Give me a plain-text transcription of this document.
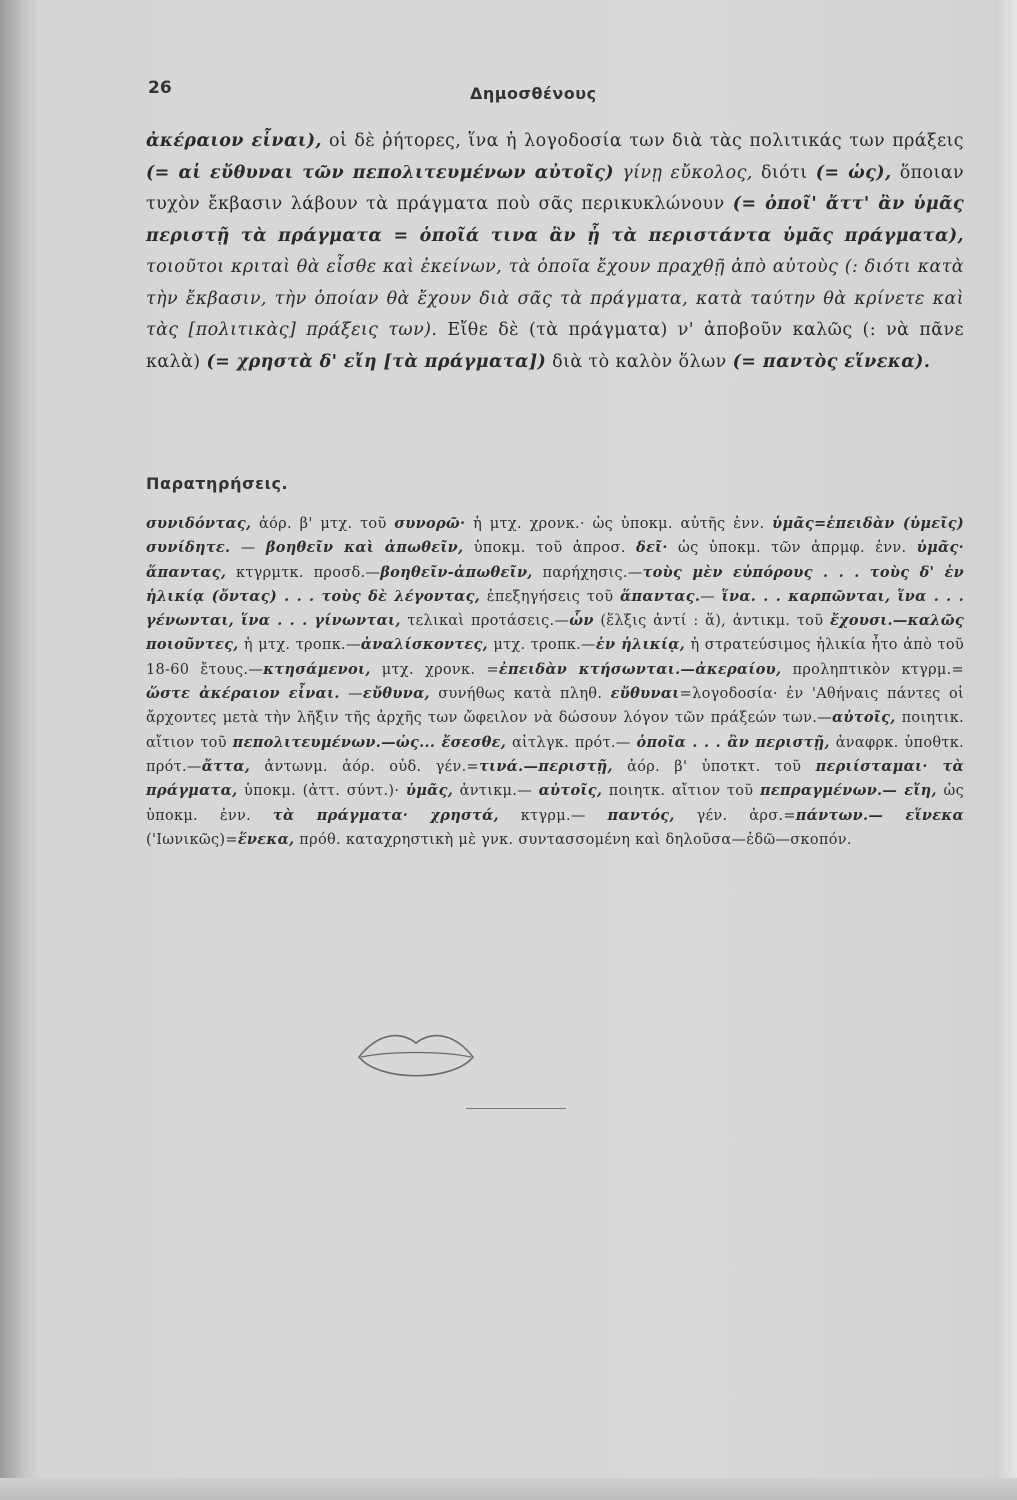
26	Δημοσθένους
ἀκέραιον εἶναι), οἱ δὲ ῥήτορες, ἵνα ἡ λογοδοσία των διὰ τὰς πολιτικάς των πράξεις (= αἱ εὔθυναι τῶν πεπολιτευμένων αὐτοῖς) γίνῃ εὔκολος, διότι (= ὡς), ὅποιαν τυχὸν ἔκβασιν λάβουν τὰ πράγματα ποὺ σᾶς περικυκλώνουν (= ὁποῖ' ἄττ' ἂν ὑμᾶς περιστῇ τὰ πράγματα = ὁποῖά τινα ἂν ᾖ τὰ περιστάντα ὑμᾶς πράγματα), τοιοῦτοι κριταὶ θὰ εἶσθε καὶ ἐκείνων, τὰ ὁποῖα ἔχουν πραχθῇ ἀπὸ αὐτοὺς (: διότι κατὰ τὴν ἔκβασιν, τὴν ὁποίαν θὰ ἔχουν διὰ σᾶς τὰ πράγματα, κατὰ ταύτην θὰ κρίνετε καὶ τὰς [πολιτικὰς] πράξεις των). Εἴθε δὲ (τὰ πράγματα) ν' ἀποβοῦν καλῶς (: νὰ πᾶνε καλὰ) (= χρηστὰ δ' εἴη [τὰ πράγματα]) διὰ τὸ καλὸν ὅλων (= παντὸς εἵνεκα).
Παρατηρήσεις.
συνιδόντας, ἀόρ. β' μτχ. τοῦ συνορῶ· ἡ μτχ. χρονκ.· ὡς ὑποκμ. αὐτῆς ἐνν. ὑμᾶς=ἐπειδὰν (ὑμεῖς) συνίδητε. — βοηθεῖν καὶ ἀπωθεῖν, ὑποκμ. τοῦ ἀπροσ. δεῖ· ὡς ὑποκμ. τῶν ἀπρμφ. ἐνν. ὑμᾶς· ἅπαντας, κτγρμτκ. προσδ.—βοηθεῖν-ἀπωθεῖν, παρήχησις.—τοὺς μὲν εὐπόρους . . . τοὺς δ' ἐν ἡλικίᾳ (ὄντας) . . . τοὺς δὲ λέγοντας, ἐπεξηγήσεις τοῦ ἅπαντας.— ἵνα. . . καρπῶνται, ἵνα . . . γένωνται, ἵνα . . . γίνωνται, τελικαὶ προτάσεις.—ὧν (ἕλξις ἀντί : ἅ), ἀντικμ. τοῦ ἔχουσι.—καλῶς ποιοῦντες, ἡ μτχ. τροπκ.—ἀναλίσκοντες, μτχ. τροπκ.—ἐν ἡλικίᾳ, ἡ στρατεύσιμος ἡλικία ἦτο ἀπὸ τοῦ 18-60 ἔτους.—κτησάμενοι, μτχ. χρονκ. =ἐπειδὰν κτήσωνται.—ἀκεραίου, προληπτικὸν κτγρμ.= ὥστε ἀκέραιον εἶναι. —εὔθυνα, συνήθως κατὰ πληθ. εὔθυναι=λογοδοσία· ἐν 'Αθήναις πάντες οἱ ἄρχοντες μετὰ τὴν λῆξιν τῆς ἀρχῆς των ὤφειλον νὰ δώσουν λόγον τῶν πράξεών των.—αὐτοῖς, ποιητικ. αἴτιον τοῦ πεπολιτευμένων.—ὡς... ἔσεσθε, αἰτλγκ. πρότ.— ὁποῖα . . . ἂν περιστῇ, ἀναφρκ. ὑποθτκ. πρότ.—ἄττα, ἀντωνμ. ἀόρ. οὐδ. γέν.=τινά.—περιστῇ, ἀόρ. β' ὑποτκτ. τοῦ περιίσταμαι· τὰ πράγματα, ὑποκμ. (ἀττ. σύντ.)· ὑμᾶς, ἀντικμ.— αὐτοῖς, ποιητκ. αἴτιον τοῦ πεπραγμένων.— εἴη, ὡς ὑποκμ. ἐνν. τὰ πράγματα· χρηστά, κτγρμ.— παντός, γέν. ἀρσ.=πάντων.— εἵνεκα ('Ιωνικῶς)=ἕνεκα, πρόθ. καταχρηστικὴ μὲ γνκ. συντασσομένη καὶ δηλοῦσα—ἐδῶ—σκοπόν.
